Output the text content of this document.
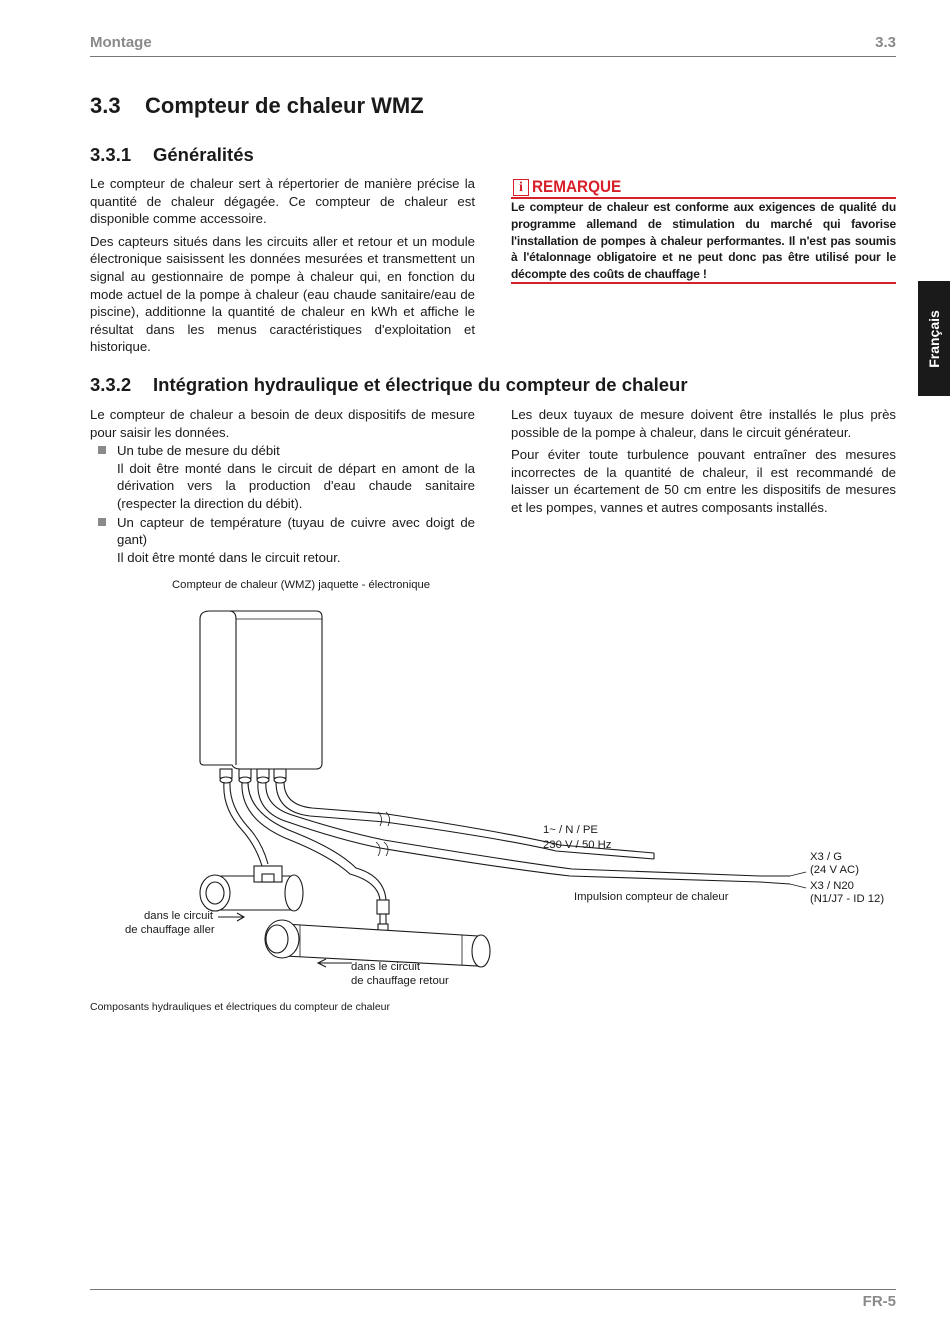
Montage	3.3
Français
3.3 Compteur de chaleur WMZ
3.3.1 Généralités

Le compteur de chaleur sert à répertorier de manière précise la quantité de chaleur dégagée. Ce compteur de chaleur est disponible comme accessoire.

Des capteurs situés dans les circuits aller et retour et un module électronique saisissent les données mesurées et transmettent un signal au gestionnaire de pompe à chaleur qui, en fonction du mode actuel de la pompe à chaleur (eau chaude sanitaire/eau de piscine), additionne la quantité de chaleur en kWh et affiche le résultat dans les menus caractéristiques d'exploitation et historique.

i REMARQUE
Le compteur de chaleur est conforme aux exigences de qualité du programme allemand de stimulation du marché qui favorise l'installation de pompes à chaleur performantes. Il n'est pas soumis à l'étalonnage obligatoire et ne peut donc pas être utilisé pour le décompte des coûts de chauffage !
3.3.2 Intégration hydraulique et électrique du compteur de chaleur

Le compteur de chaleur a besoin de deux dispositifs de mesure pour saisir les données.

Un tube de mesure du débit
Il doit être monté dans le circuit de départ en amont de la dérivation vers la production d'eau chaude sanitaire (respecter la direction du débit).
Un capteur de température (tuyau de cuivre avec doigt de gant)
Il doit être monté dans le circuit retour.

Les deux tuyaux de mesure doivent être installés le plus près possible de la pompe à chaleur, dans le circuit générateur.

Pour éviter toute turbulence pouvant entraîner des mesures incorrectes de la quantité de chaleur, il est recommandé de laisser un écartement de 50 cm entre les dispositifs de mesures et les pompes, vannes et autres composants installés.

Compteur de chaleur (WMZ) jaquette - électronique
1~ / N / PE
230 V / 50 Hz
X3 / G
(24 V AC)
X3 / N20
(N1/J7 - ID 12)
Impulsion compteur de chaleur
dans le circuit
de chauffage aller
dans le circuit
de chauffage retour
Composants hydrauliques et électriques du compteur de chaleur
FR-5
